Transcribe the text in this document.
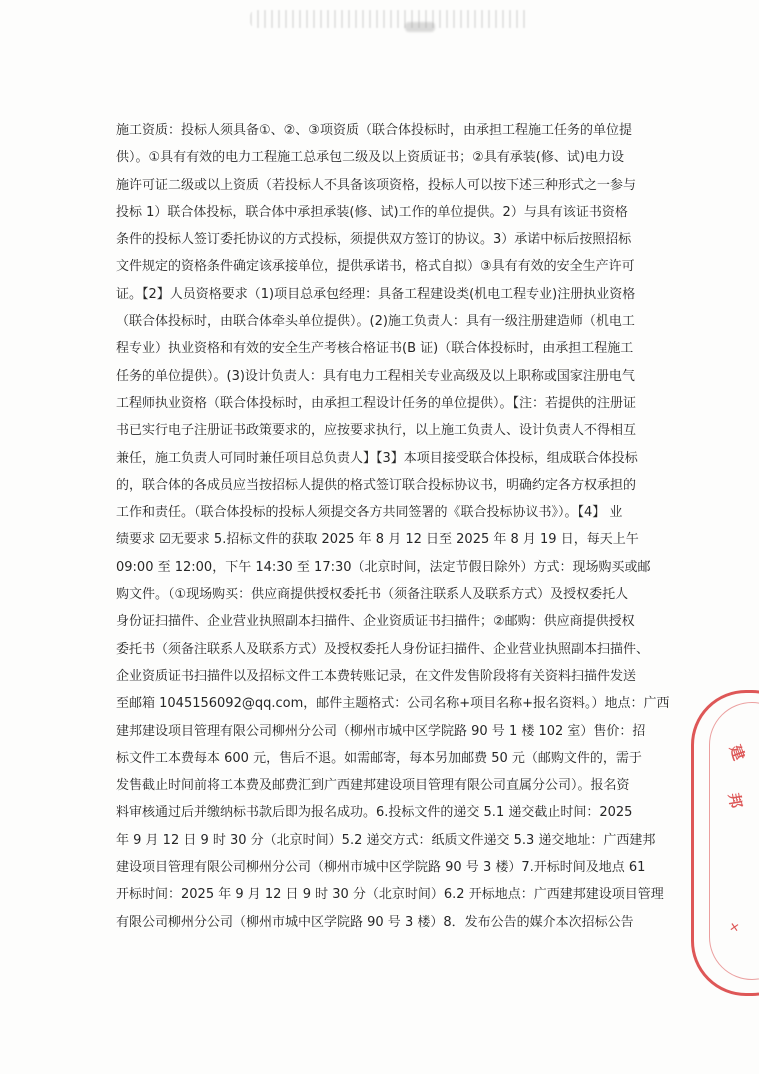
施工资质：投标人须具备①、②、③项资质（联合体投标时，由承担工程施工任务的单位提
供）。①具有有效的电力工程施工总承包二级及以上资质证书；②具有承装(修、试)电力设
施许可证二级或以上资质（若投标人不具备该项资格，投标人可以按下述三种形式之一参与
投标 1）联合体投标，联合体中承担承装(修、试)工作的单位提供。2）与具有该证书资格
条件的投标人签订委托协议的方式投标，须提供双方签订的协议。3）承诺中标后按照招标
文件规定的资格条件确定该承接单位，提供承诺书，格式自拟）③具有有效的安全生产许可
证。【2】人员资格要求（1)项目总承包经理：具备工程建设类(机电工程专业)注册执业资格
（联合体投标时，由联合体牵头单位提供）。(2)施工负责人：具有一级注册建造师（机电工
程专业）执业资格和有效的安全生产考核合格证书(B 证)（联合体投标时，由承担工程施工
任务的单位提供）。(3)设计负责人：具有电力工程相关专业高级及以上职称或国家注册电气
工程师执业资格（联合体投标时，由承担工程设计任务的单位提供）。【注：若提供的注册证
书已实行电子注册证书政策要求的，应按要求执行，以上施工负责人、设计负责人不得相互
兼任，施工负责人可同时兼任项目总负责人】【3】本项目接受联合体投标，组成联合体投标
的，联合体的各成员应当按招标人提供的格式签订联合投标协议书，明确约定各方权承担的
工作和责任。（联合体投标的投标人须提交各方共同签署的《联合投标协议书》）。【4】 业
绩要求 ☑无要求 5.招标文件的获取 2025 年 8 月 12 日至 2025 年 8 月 19 日，每天上午
09:00 至 12:00，下午 14:30 至 17:30（北京时间，法定节假日除外）方式：现场购买或邮
购文件。（①现场购买：供应商提供授权委托书（须备注联系人及联系方式）及授权委托人
身份证扫描件、企业营业执照副本扫描件、企业资质证书扫描件；②邮购：供应商提供授权
委托书（须备注联系人及联系方式）及授权委托人身份证扫描件、企业营业执照副本扫描件、
企业资质证书扫描件以及招标文件工本费转账记录，在文件发售阶段将有关资料扫描件发送
至邮箱 1045156092@qq.com，邮件主题格式：公司名称+项目名称+报名资料。）地点：广西
建邦建设项目管理有限公司柳州分公司（柳州市城中区学院路 90 号 1 楼 102 室）售价：招
标文件工本费每本 600 元，售后不退。如需邮寄，每本另加邮费 50 元（邮购文件的，需于
发售截止时间前将工本费及邮费汇到广西建邦建设项目管理有限公司直属分公司）。报名资
料审核通过后并缴纳标书款后即为报名成功。6.投标文件的递交 5.1 递交截止时间：2025
年 9 月 12 日 9 时 30 分（北京时间）5.2 递交方式：纸质文件递交 5.3 递交地址：广西建邦
建设项目管理有限公司柳州分公司（柳州市城中区学院路 90 号 3 楼）7.开标时间及地点 61
开标时间：2025 年 9 月 12 日 9 时 30 分（北京时间）6.2 开标地点：广西建邦建设项目管理
有限公司柳州分公司（柳州市城中区学院路 90 号 3 楼）8．发布公告的媒介本次招标公告
建
邦
✕
